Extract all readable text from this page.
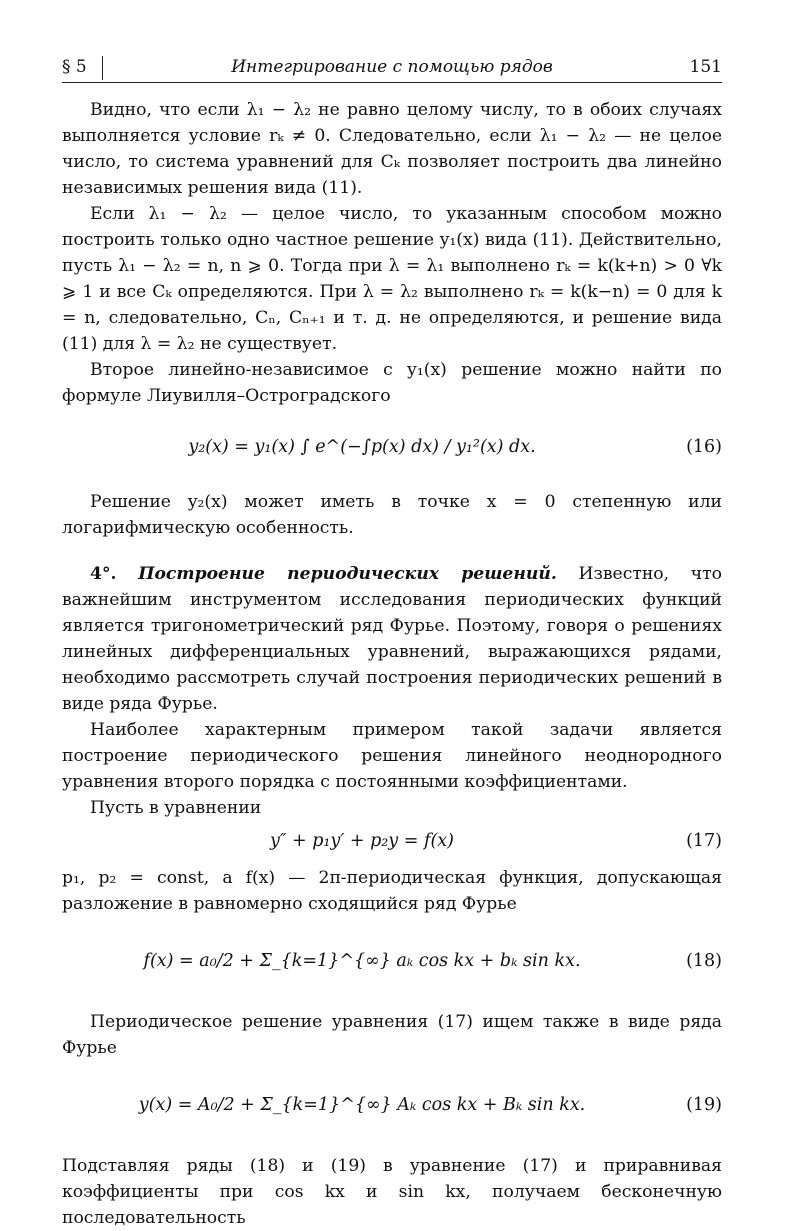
§ 5	Интегрирование с помощью рядов	151

Видно, что если λ₁ − λ₂ не равно целому числу, то в обоих случаях выполняется условие rₖ ≠ 0. Следовательно, если λ₁ − λ₂ — не целое число, то система уравнений для Cₖ позволяет построить два линейно независимых решения вида (11).

Если λ₁ − λ₂ — целое число, то указанным способом можно построить только одно частное решение y₁(x) вида (11). Действительно, пусть λ₁ − λ₂ = n, n ⩾ 0. Тогда при λ = λ₁ выполнено rₖ = k(k+n) > 0 ∀k ⩾ 1 и все Cₖ определяются. При λ = λ₂ выполнено rₖ = k(k−n) = 0 для k = n, следовательно, Cₙ, Cₙ₊₁ и т. д. не определяются, и решение вида (11) для λ = λ₂ не существует.

Второе линейно-независимое с y₁(x) решение можно найти по формуле Лиувилля–Остроградского

y₂(x) = y₁(x) ∫ e^(−∫p(x) dx) / y₁²(x) dx.	(16)

Решение y₂(x) может иметь в точке x = 0 степенную или логарифмическую особенность.

4°. Построение периодических решений. Известно, что важнейшим инструментом исследования периодических функций является тригонометрический ряд Фурье. Поэтому, говоря о решениях линейных дифференциальных уравнений, выражающихся рядами, необходимо рассмотреть случай построения периодических решений в виде ряда Фурье.

Наиболее характерным примером такой задачи является построение периодического решения линейного неоднородного уравнения второго порядка с постоянными коэффициентами.

Пусть в уравнении

y″ + p₁y′ + p₂y = f(x)	(17)

p₁, p₂ = const, а f(x) — 2π-периодическая функция, допускающая разложение в равномерно сходящийся ряд Фурье

f(x) = a₀/2 + Σ_{k=1}^{∞} aₖ cos kx + bₖ sin kx.	(18)

Периодическое решение уравнения (17) ищем также в виде ряда Фурье

y(x) = A₀/2 + Σ_{k=1}^{∞} Aₖ cos kx + Bₖ sin kx.	(19)

Подставляя ряды (18) и (19) в уравнение (17) и приравнивая коэффициенты при cos kx и sin kx, получаем бесконечную последовательность
